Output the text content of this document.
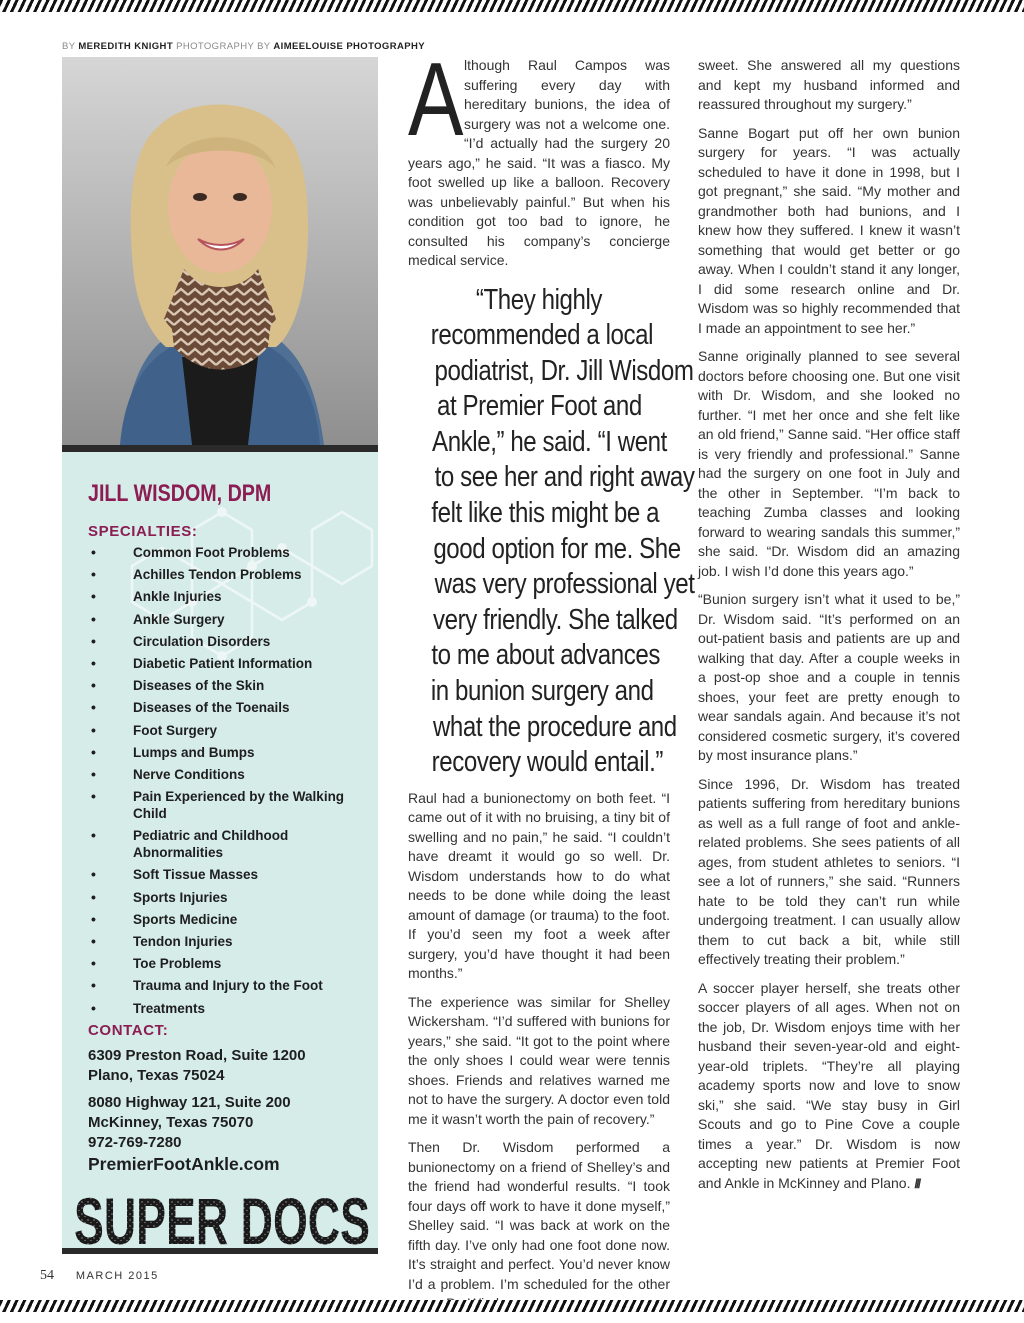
BY MEREDITH KNIGHT PHOTOGRAPHY BY AIMEELOUISE PHOTOGRAPHY
JILL WISDOM, DPM
SPECIALTIES:
• Common Foot Problems
• Achilles Tendon Problems
• Ankle Injuries
• Ankle Surgery
• Circulation Disorders
• Diabetic Patient Information
• Diseases of the Skin
• Diseases of the Toenails
• Foot Surgery
• Lumps and Bumps
• Nerve Conditions
• Pain Experienced by the Walking Child
• Pediatric and Childhood Abnormalities
• Soft Tissue Masses
• Sports Injuries
• Sports Medicine
• Tendon Injuries
• Toe Problems
• Trauma and Injury to the Foot
• Treatments
CONTACT:
6309 Preston Road, Suite 1200
Plano, Texas 75024
8080 Highway 121, Suite 200
McKinney, Texas 75070
972-769-7280
PremierFootAnkle.com
SUPER DOCS

Although Raul Campos was suffering every day with hereditary bunions, the idea of surgery was not a welcome one. “I’d actually had the surgery 20 years ago,” he said. “It was a fiasco. My foot swelled up like a balloon. Recovery was unbelievably painful.” But when his condition got too bad to ignore, he consulted his company’s concierge medical service.

“They highly
recommended a local
podiatrist, Dr. Jill Wisdom
at Premier Foot and
Ankle,” he said. “I went
to see her and right away
felt like this might be a
good option for me. She
was very professional yet
very friendly. She talked
to me about advances
in bunion surgery and
what the procedure and
recovery would entail.”

Raul had a bunionectomy on both feet. “I came out of it with no bruising, a tiny bit of swelling and no pain,” he said. “I couldn’t have dreamt it would go so well. Dr. Wisdom understands how to do what needs to be done while doing the least amount of damage (or trauma) to the foot. If you’d seen my foot a week after surgery, you’d have thought it had been months.”

The experience was similar for Shelley Wickersham. “I’d suffered with bunions for years,” she said. “It got to the point where the only shoes I could wear were tennis shoes. Friends and relatives warned me not to have the surgery. A doctor even told me it wasn’t worth the pain of recovery.”

Then Dr. Wisdom performed a bunionectomy on a friend of Shelley’s and the friend had wonderful results. “I took four days off work to have it done myself,” Shelley said. “I was back at work on the fifth day. I’ve only had one foot done now. It’s straight and perfect. You’d never know I’d a problem. I’m scheduled for the other

sweet. She answered all my questions and kept my husband informed and reassured throughout my surgery.”

Sanne Bogart put off her own bunion surgery for years. “I was actually scheduled to have it done in 1998, but I got pregnant,” she said. “My mother and grandmother both had bunions, and I knew how they suffered. I knew it wasn’t something that would get better or go away. When I couldn’t stand it any longer, I did some research online and Dr. Wisdom was so highly recommended that I made an appointment to see her.”

Sanne originally planned to see several doctors before choosing one. But one visit with Dr. Wisdom, and she looked no further. “I met her once and she felt like an old friend,” Sanne said. “Her office staff is very friendly and professional.” Sanne had the surgery on one foot in July and the other in September. “I’m back to teaching Zumba classes and looking forward to wearing sandals this summer,” she said. “Dr. Wisdom did an amazing job. I wish I’d done this years ago.”

“Bunion surgery isn’t what it used to be,” Dr. Wisdom said. “It’s performed on an out-patient basis and patients are up and walking that day. After a couple weeks in a post-op shoe and a couple in tennis shoes, your feet are pretty enough to wear sandals again. And because it’s not considered cosmetic surgery, it’s covered by most insurance plans.”

Since 1996, Dr. Wisdom has treated patients suffering from hereditary bunions as well as a full range of foot and ankle-related problems. She sees patients of all ages, from student athletes to seniors. “I see a lot of runners,” she said. “Runners hate to be told they can’t run while undergoing treatment. I can usually allow them to cut back a bit, while still effectively treating their problem.”

A soccer player herself, she treats other soccer players of all ages. When not on the job, Dr. Wisdom enjoys time with her husband their seven-year-old and eight-year-old triplets. “They’re all playing academy sports now and love to snow ski,” she said. “We stay busy in Girl Scouts and go to Pine Cove a couple times a year.” Dr. Wisdom is now accepting new patients at Premier Foot and Ankle in McKinney and Plano. ///

54 MARCH 2015
